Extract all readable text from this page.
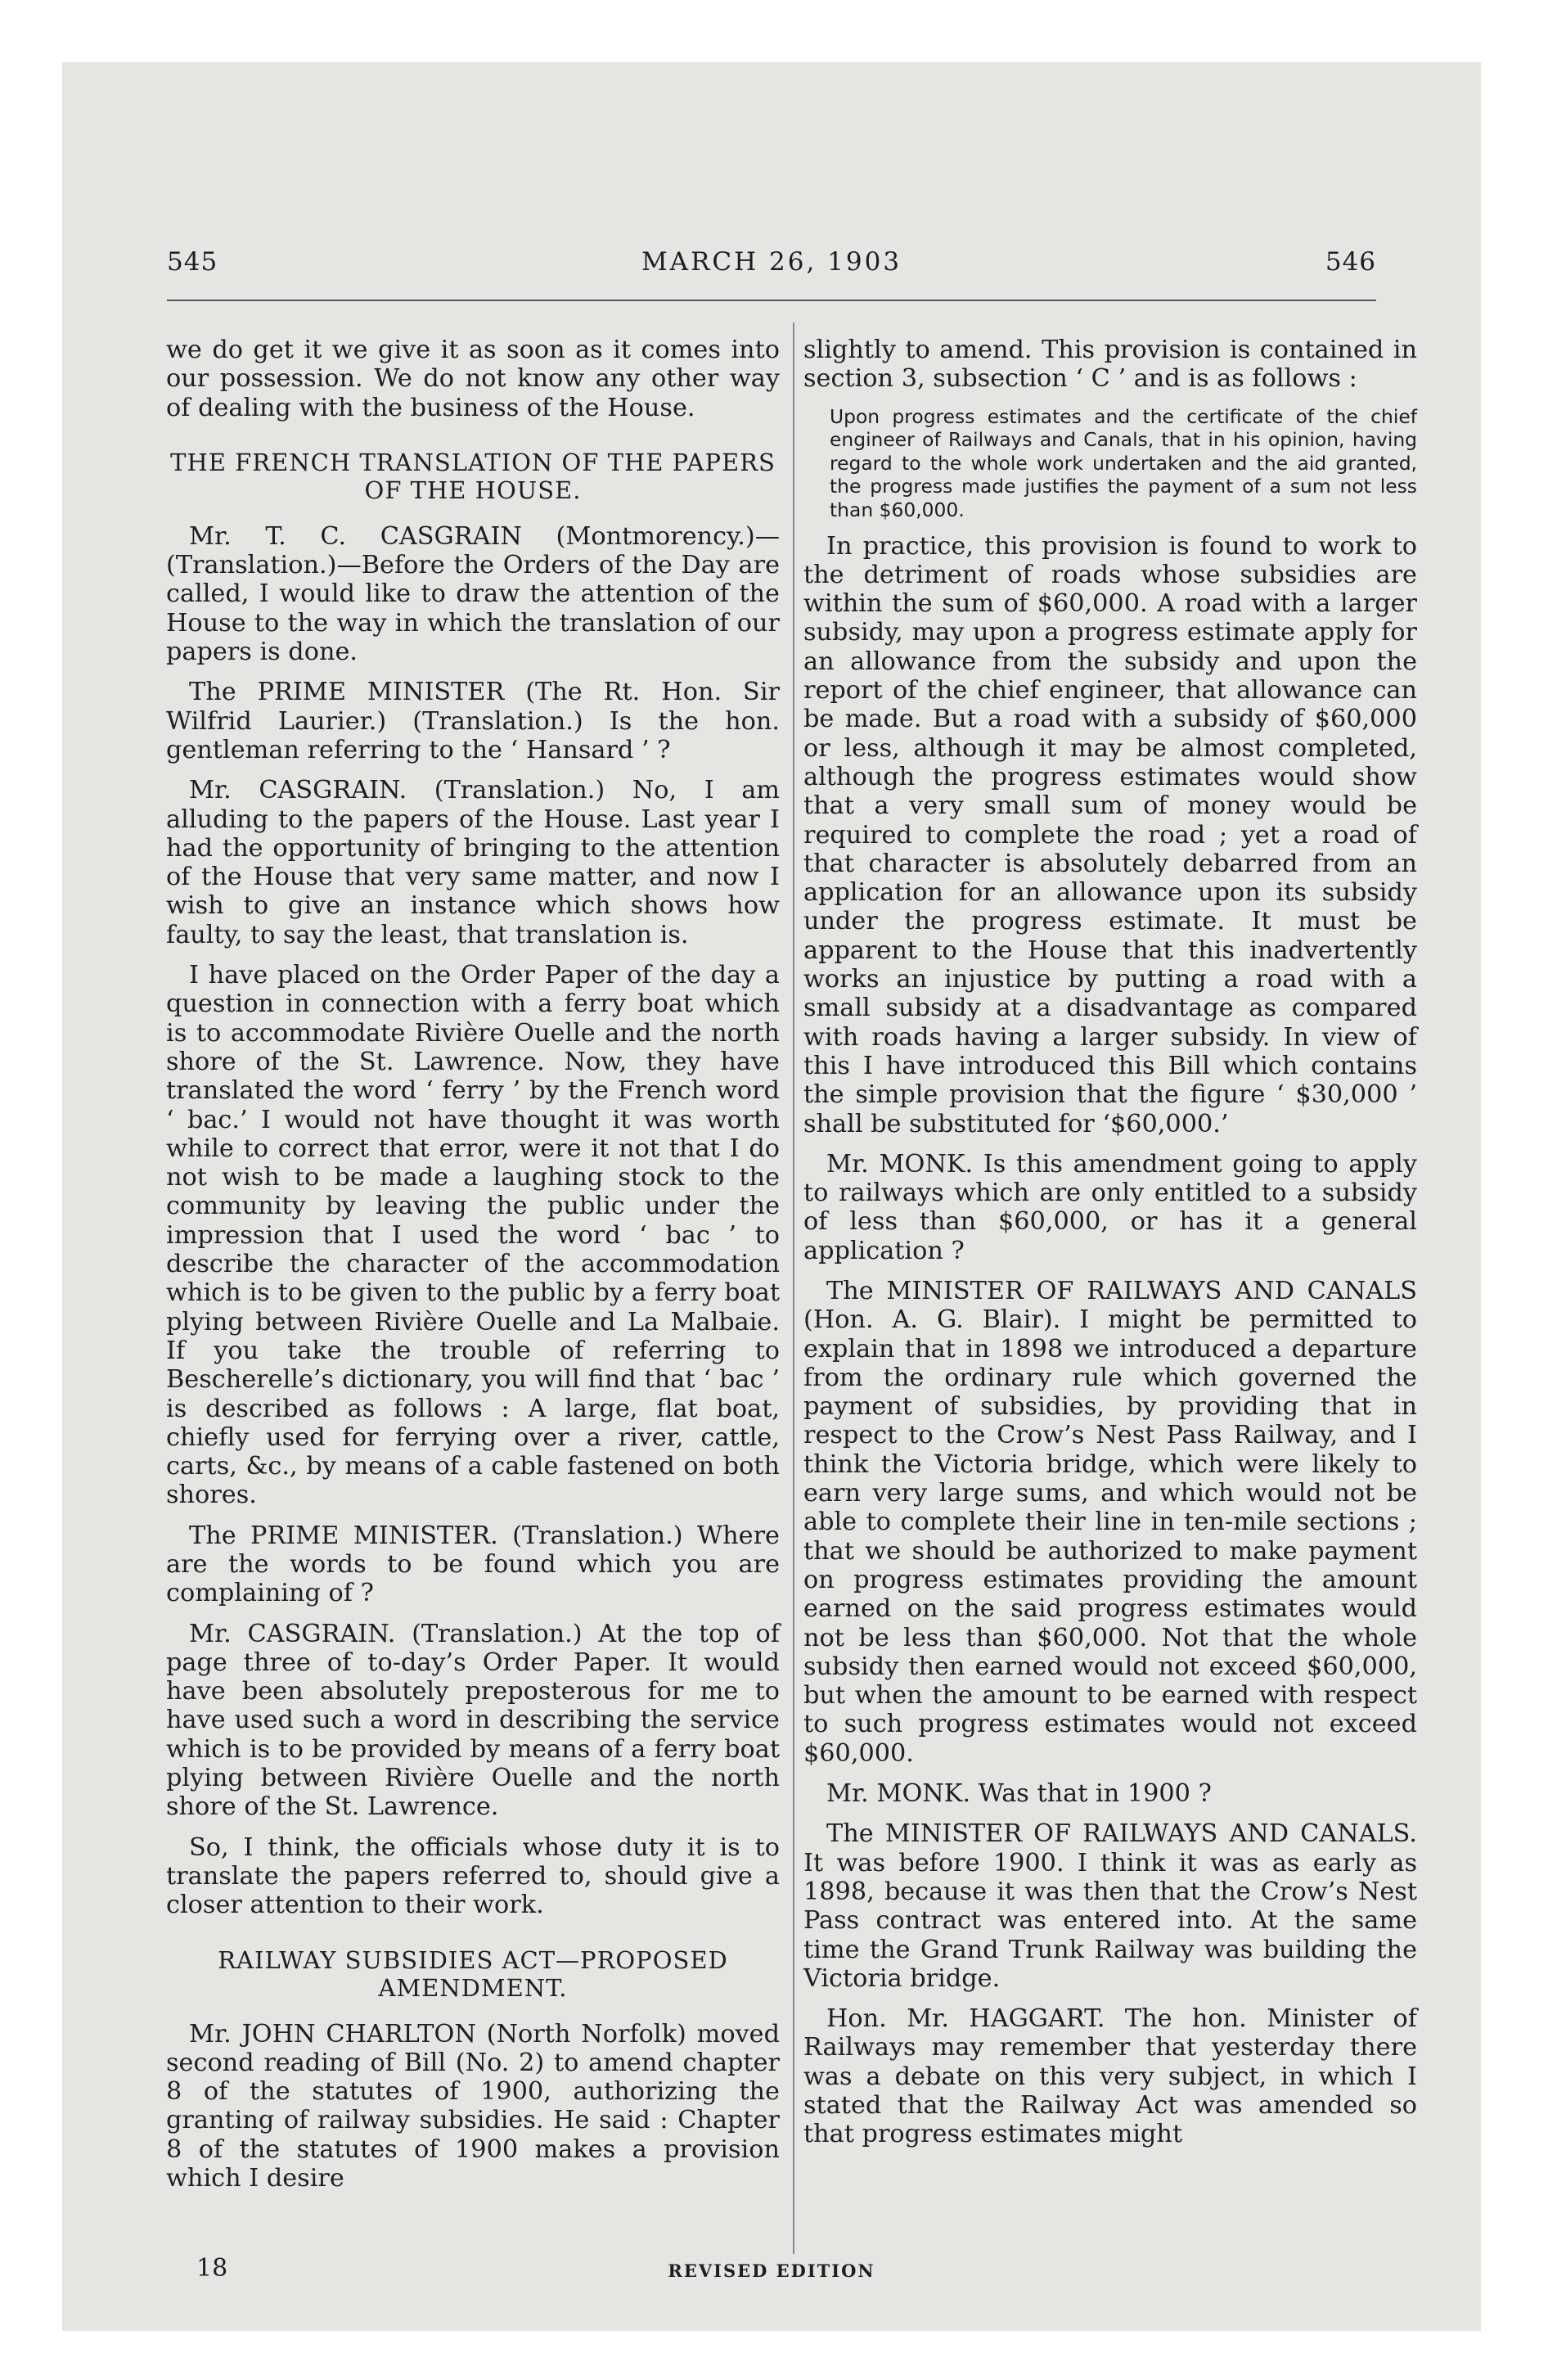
545	MARCH 26, 1903	546

we do get it we give it as soon as it comes into our possession. We do not know any other way of dealing with the business of the House.

THE FRENCH TRANSLATION OF THE PAPERS OF THE HOUSE.

Mr. T. C. CASGRAIN (Montmorency.)—(Translation.)—Before the Orders of the Day are called, I would like to draw the attention of the House to the way in which the translation of our papers is done.

The PRIME MINISTER (The Rt. Hon. Sir Wilfrid Laurier.) (Translation.) Is the hon. gentleman referring to the ‘ Hansard ’ ?

Mr. CASGRAIN. (Translation.) No, I am alluding to the papers of the House. Last year I had the opportunity of bringing to the attention of the House that very same matter, and now I wish to give an instance which shows how faulty, to say the least, that translation is.

I have placed on the Order Paper of the day a question in connection with a ferry boat which is to accommodate Rivière Ouelle and the north shore of the St. Lawrence. Now, they have translated the word ‘ ferry ’ by the French word ‘ bac.’ I would not have thought it was worth while to correct that error, were it not that I do not wish to be made a laughing stock to the community by leaving the public under the impression that I used the word ‘ bac ’ to describe the character of the accommodation which is to be given to the public by a ferry boat plying between Rivière Ouelle and La Malbaie. If you take the trouble of referring to Bescherelle’s dictionary, you will find that ‘ bac ’ is described as follows : A large, flat boat, chiefly used for ferrying over a river, cattle, carts, &c., by means of a cable fastened on both shores.

The PRIME MINISTER. (Translation.) Where are the words to be found which you are complaining of ?

Mr. CASGRAIN. (Translation.) At the top of page three of to-day’s Order Paper. It would have been absolutely preposterous for me to have used such a word in describing the service which is to be provided by means of a ferry boat plying between Rivière Ouelle and the north shore of the St. Lawrence.

So, I think, the officials whose duty it is to translate the papers referred to, should give a closer attention to their work.

RAILWAY SUBSIDIES ACT—PROPOSED AMENDMENT.

Mr. JOHN CHARLTON (North Norfolk) moved second reading of Bill (No. 2) to amend chapter 8 of the statutes of 1900, authorizing the granting of railway subsidies. He said : Chapter 8 of the statutes of 1900 makes a provision which I desire

slightly to amend. This provision is contained in section 3, subsection ‘ C ’ and is as follows :

Upon progress estimates and the certificate of the chief engineer of Railways and Canals, that in his opinion, having regard to the whole work undertaken and the aid granted, the progress made justifies the payment of a sum not less than $60,000.

In practice, this provision is found to work to the detriment of roads whose subsidies are within the sum of $60,000. A road with a larger subsidy, may upon a progress estimate apply for an allowance from the subsidy and upon the report of the chief engineer, that allowance can be made. But a road with a subsidy of $60,000 or less, although it may be almost completed, although the progress estimates would show that a very small sum of money would be required to complete the road ; yet a road of that character is absolutely debarred from an application for an allowance upon its subsidy under the progress estimate. It must be apparent to the House that this inadvertently works an injustice by putting a road with a small subsidy at a disadvantage as compared with roads having a larger subsidy. In view of this I have introduced this Bill which contains the simple provision that the figure ‘ $30,000 ’ shall be substituted for ‘$60,000.’

Mr. MONK. Is this amendment going to apply to railways which are only entitled to a subsidy of less than $60,000, or has it a general application ?

The MINISTER OF RAILWAYS AND CANALS (Hon. A. G. Blair). I might be permitted to explain that in 1898 we introduced a departure from the ordinary rule which governed the payment of subsidies, by providing that in respect to the Crow’s Nest Pass Railway, and I think the Victoria bridge, which were likely to earn very large sums, and which would not be able to complete their line in ten-mile sections ; that we should be authorized to make payment on progress estimates providing the amount earned on the said progress estimates would not be less than $60,000. Not that the whole subsidy then earned would not exceed $60,000, but when the amount to be earned with respect to such progress estimates would not exceed $60,000.

Mr. MONK. Was that in 1900 ?

The MINISTER OF RAILWAYS AND CANALS. It was before 1900. I think it was as early as 1898, because it was then that the Crow’s Nest Pass contract was entered into. At the same time the Grand Trunk Railway was building the Victoria bridge.

Hon. Mr. HAGGART. The hon. Minister of Railways may remember that yesterday there was a debate on this very subject, in which I stated that the Railway Act was amended so that progress estimates might

18	REVISED EDITION
